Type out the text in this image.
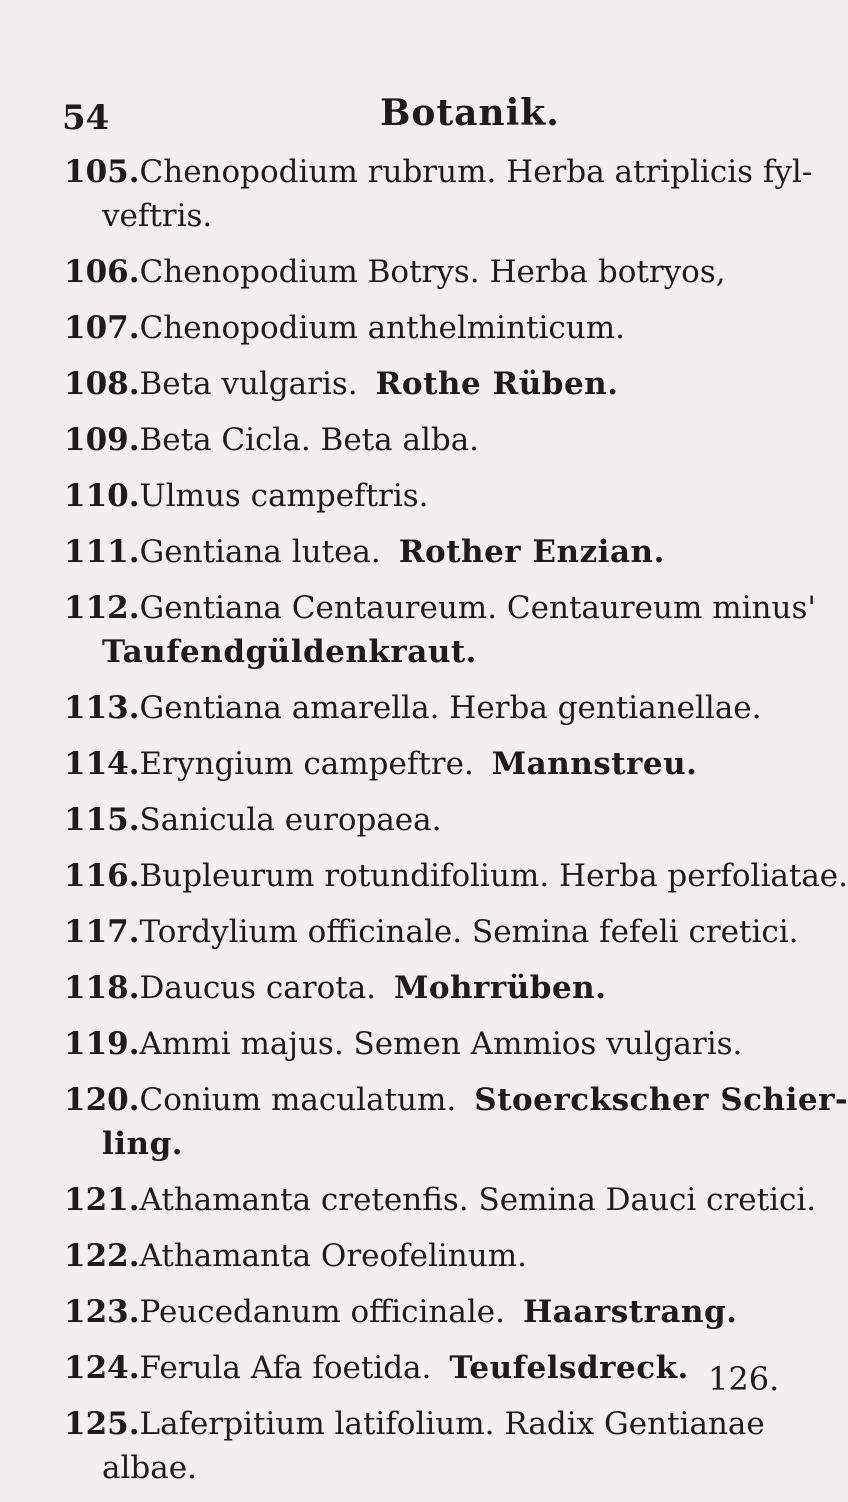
54	Botanik.
105.Chenopodium rubrum. Herba atriplicis fyl-
veftris.
106.Chenopodium Botrys. Herba botryos,
107.Chenopodium anthelminticum.
108.Beta vulgaris. Rothe Rüben.
109.Beta Cicla. Beta alba.
110.Ulmus campeftris.
111.Gentiana lutea. Rother Enzian.
112.Gentiana Centaureum. Centaureum minus'
Taufendgüldenkraut.
113.Gentiana amarella. Herba gentianellae.
114.Eryngium campeftre. Mannstreu.
115.Sanicula europaea.
116.Bupleurum rotundifolium. Herba perfoliatae.
117.Tordylium officinale. Semina fefeli cretici.
118.Daucus carota. Mohrrüben.
119.Ammi majus. Semen Ammios vulgaris.
120.Conium maculatum. Stoerckscher Schier-
ling.
121.Athamanta cretenfis. Semina Dauci cretici.
122.Athamanta Oreofelinum.
123.Peucedanum officinale. Haarstrang.
124.Ferula Afa foetida. Teufelsdreck.
125.Laferpitium latifolium. Radix Gentianae
albae.
126.
